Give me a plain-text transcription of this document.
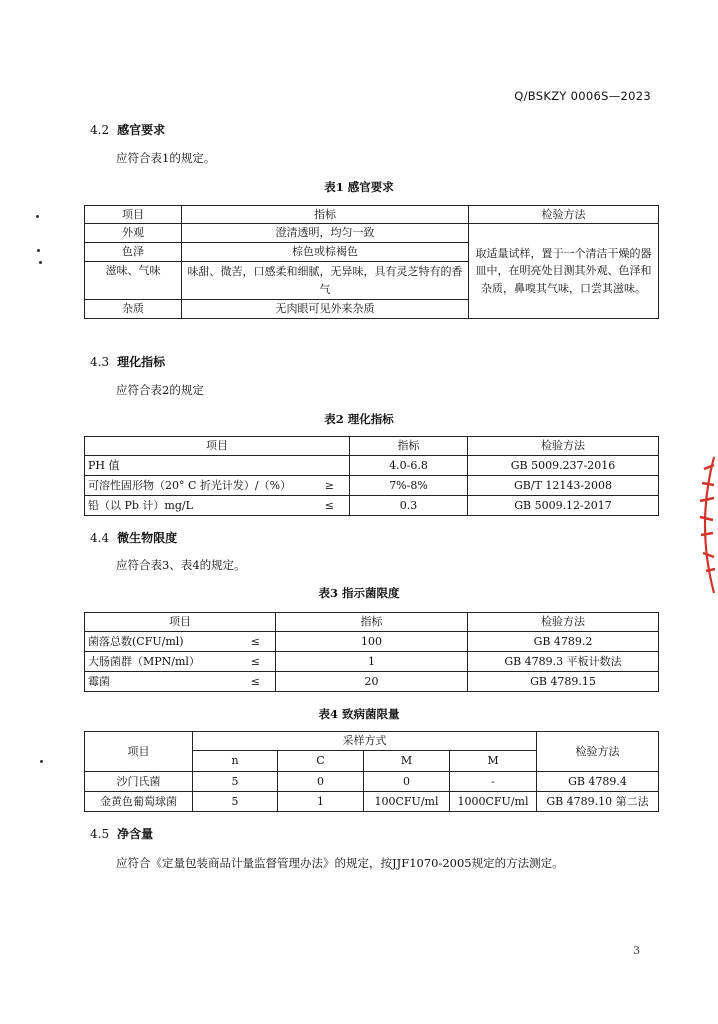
Q/BSKZY 0006S—2023
4.2 感官要求
应符合表1的规定。
表1 感官要求
项目	指标	检验方法
外观	澄清透明，均匀一致	取适量试样，置于一个清洁干燥的器皿中，在明亮处目测其外观、色泽和杂质，鼻嗅其气味，口尝其滋味。
色泽	棕色或棕褐色	
滋味、气味	味甜、微苦，口感柔和细腻，无异味，具有灵芝特有的香气	
杂质	无肉眼可见外来杂质	
4.3 理化指标
应符合表2的规定
表2 理化指标
项目	指标	检验方法
PH 值	4.0-6.8	GB 5009.237-2016
可溶性固形物（20° C 折光计发）/（%） ≥	7%-8%	GB/T 12143-2008
铅（以 Pb 计）mg/L ≤	0.3	GB 5009.12-2017
4.4 微生物限度
应符合表3、表4的规定。
表3 指示菌限度
项目	指标	检验方法
菌落总数(CFU/ml) ≤	100	GB 4789.2
大肠菌群（MPN/ml） ≤	1	GB 4789.3 平板计数法
霉菌 ≤	20	GB 4789.15
表4 致病菌限量
项目	采样方式				检验方法
	n	C	M	M	
沙门氏菌	5	0	0	-	GB 4789.4
金黄色葡萄球菌	5	1	100CFU/ml	1000CFU/ml	GB 4789.10 第二法
4.5 净含量
应符合《定量包装商品计量监督管理办法》的规定，按JJF1070-2005规定的方法测定。
3
